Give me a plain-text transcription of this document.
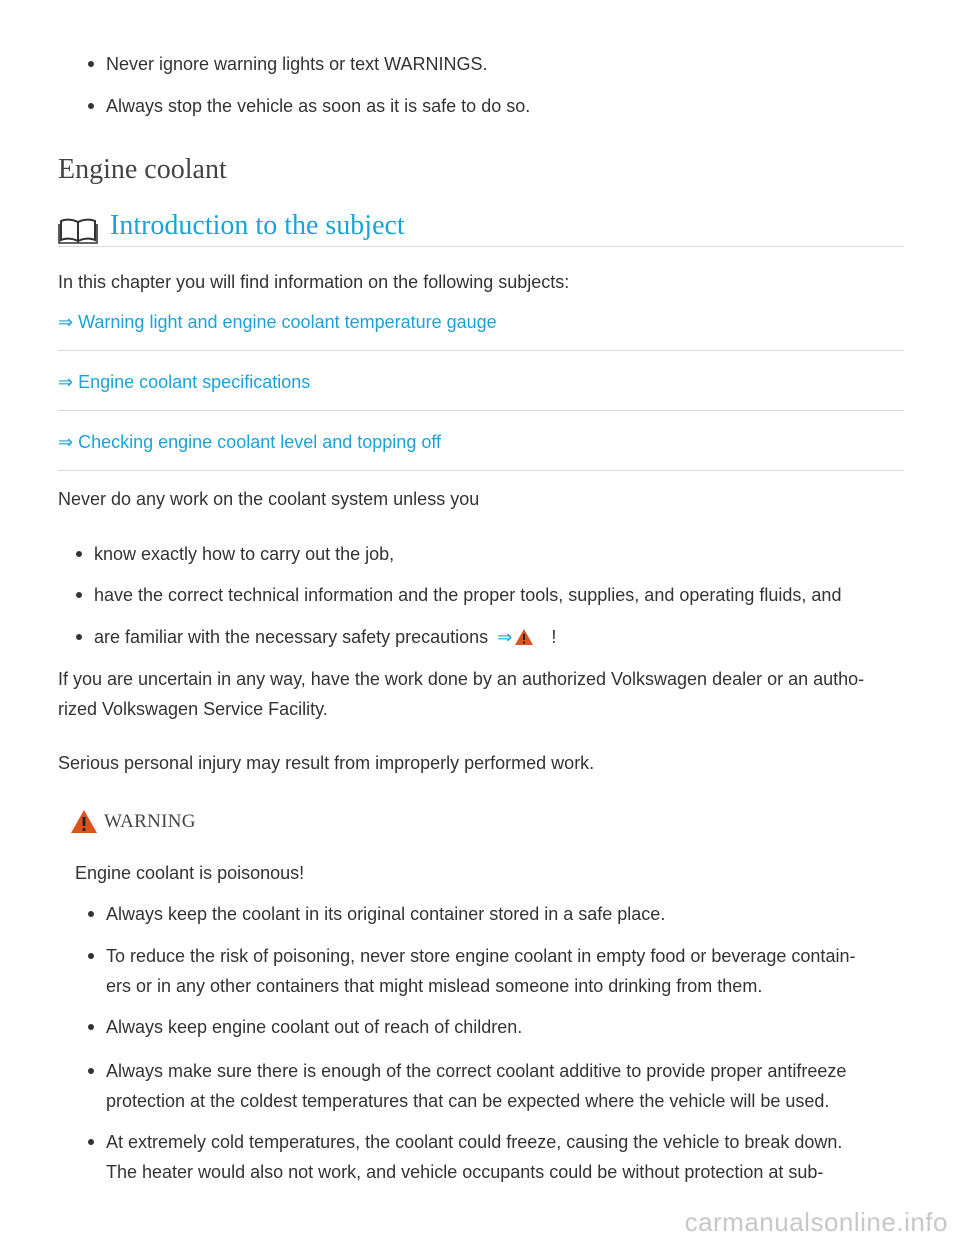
Never ignore warning lights or text WARNINGS.
Always stop the vehicle as soon as it is safe to do so.
Engine coolant
Introduction to the subject
In this chapter you will find information on the following subjects:
⇒ Warning light and engine coolant temperature gauge
⇒ Engine coolant specifications
⇒ Checking engine coolant level and topping off
Never do any work on the coolant system unless you
know exactly how to carry out the job,
have the correct technical information and the proper tools, supplies, and operating fluids, and
are familiar with the necessary safety precautions ⇒ !
If you are uncertain in any way, have the work done by an authorized Volkswagen dealer or an autho-
rized Volkswagen Service Facility.
Serious personal injury may result from improperly performed work.
WARNING
Engine coolant is poisonous!
Always keep the coolant in its original container stored in a safe place.
To reduce the risk of poisoning, never store engine coolant in empty food or beverage contain-
ers or in any other containers that might mislead someone into drinking from them.
Always keep engine coolant out of reach of children.
Always make sure there is enough of the correct coolant additive to provide proper antifreeze
protection at the coldest temperatures that can be expected where the vehicle will be used.
At extremely cold temperatures, the coolant could freeze, causing the vehicle to break down.
The heater would also not work, and vehicle occupants could be without protection at sub-
carmanualsonline.info
